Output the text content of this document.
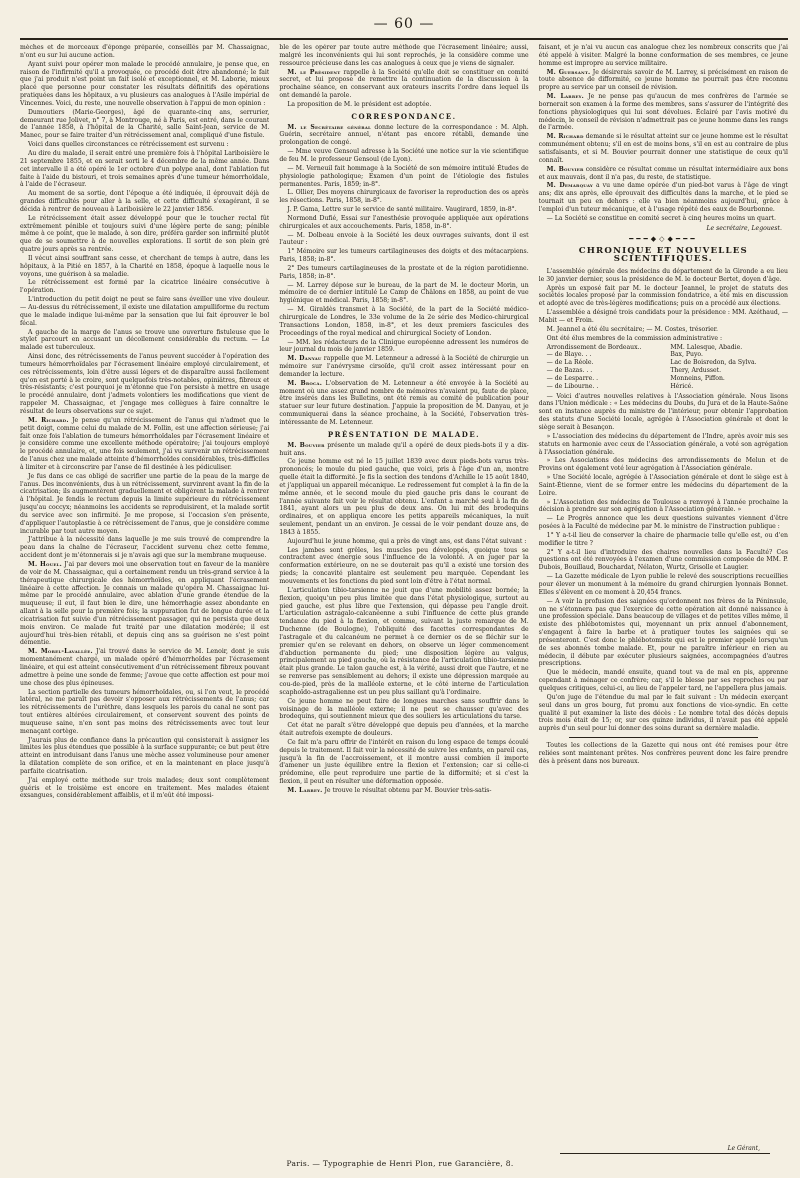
— 60 —

mèches et de morceaux d'éponge préparée, conseillés par M. Chassaignac, n'ont eu sur lui aucune action.

Ayant suivi pour opérer mon malade le procédé annulaire, je pense que, en raison de l'infirmité qu'il a provoquée, ce procédé doit être abandonné; le fait que j'ai produit n'est point un fait isolé et exceptionnel, et M. Laborie, mieux placé que personne pour constater les résultats définitifs des opérations pratiquées dans les hôpitaux, a vu plusieurs cas analogues à l'Asile impérial de Vincennes. Voici, du reste, une nouvelle observation à l'appui de mon opinion :

Dumoutiers (Marie-Georges), âgé de quarante-cinq ans, serrurier, demeurant rue Jolivet, n° 7, à Montrouge, né à Paris, est entré, dans le courant de l'année 1858, à l'hôpital de la Charité, salle Saint-Jean, service de M. Manec, pour se faire traiter d'un rétrécissement anal, compliqué d'une fistule.

Voici dans quelles circonstances ce rétrécissement est survenu :

Au dire du malade, il serait entré une première fois à l'hôpital Lariboisière le 21 septembre 1855, et en serait sorti le 4 décembre de la même année. Dans cet intervalle il a été opéré le 1er octobre d'un polype anal, dont l'ablation fut faite à l'aide du bistouri, et trois semaines après d'une tumeur hémorrhoïdale, à l'aide de l'écraseur.

Au moment de sa sortie, dont l'époque a été indiquée, il éprouvait déjà de grandes difficultés pour aller à la selle, et cette difficulté s'exagérant, il se décida à rentrer de nouveau à Lariboisière le 22 janvier 1856.

Le rétrécissement était assez développé pour que le toucher rectal fût extrêmement pénible et toujours suivi d'une légère perte de sang; pénible même à ce point, que le malade, à son dire, préféra garder son infirmité plutôt que de se soumettre à de nouvelles explorations. Il sortit de son plein gré quatre jours après sa rentrée.

Il vécut ainsi souffrant sans cesse, et cherchant de temps à autre, dans les hôpitaux, à la Pitié en 1857, à la Charité en 1858, époque à laquelle nous le voyons, une guérison à sa maladie.

Le rétrécissement est formé par la cicatrice linéaire consécutive à l'opération.

L'introduction du petit doigt ne peut se faire sans éveiller une vive douleur. — Au-dessus du rétrécissement, il existe une dilatation ampulliforme du rectum que le malade indique lui-même par la sensation que lui fait éprouver le bol fécal.

A gauche de la marge de l'anus se trouve une ouverture fistuleuse que le stylet parcourt en accusant un décollement considérable du rectum. — Le malade est tuberculeux.

Ainsi donc, des rétrécissements de l'anus peuvent succéder à l'opération des tumeurs hémorrhoïdales par l'écrasement linéaire employé circulairement, et ces rétrécissements, loin d'être aussi légers et de disparaître aussi facilement qu'on est porté à le croire, sont quelquefois très-notables, opiniâtres, fibreux et très-résistants; c'est pourquoi je m'étonne que l'on persiste à mettre en usage le procédé annulaire, dont j'admets volontiers les modifications que vient de rappeler M. Chassaignac, et j'engage mes collègues à faire connaître le résultat de leurs observations sur ce sujet.

M. Richard. Je pense qu'un rétrécissement de l'anus qui n'admet que le petit doigt, comme celui du malade de M. Follin, est une affection sérieuse; j'ai fait onze fois l'ablation de tumeurs hémorrhoïdales par l'écrasement linéaire et je considère comme une excellente méthode opératoire; j'ai toujours employé le procédé annulaire, et, une fois seulement, j'ai vu survenir un rétrécissement de l'anus chez une malade atteinte d'hémorrhoïdes considérables, très-difficiles à limiter et à circonscrire par l'anse de fil destinée à les pédiculiser.

Je fus dans ce cas obligé de sacrifier une partie de la peau de la marge de l'anus. Des inconvénients, dus à un rétrécissement, survinrent avant la fin de la cicatrisation; ils augmentèrent graduellement et obligèrent la malade à rentrer à l'hôpital. Je fendis le rectum depuis la limite supérieure du rétrécissement jusqu'au coccyx; néanmoins les accidents se reproduisirent, et la malade sortit du service avec son infirmité. Je me propose, si l'occasion s'en présente, d'appliquer l'autoplastie à ce rétrécissement de l'anus, que je considère comme incurable par tout autre moyen.

J'attribue à la nécessité dans laquelle je me suis trouvé de comprendre la peau dans la chaîne de l'écraseur, l'accident survenu chez cette femme, accident dont je m'étonnerais si je n'avais agi que sur la membrane muqueuse.

M. Houel. J'ai par devers moi une observation tout en faveur de la manière de voir de M. Chassaignac, qui a certainement rendu un très-grand service à la thérapeutique chirurgicale des hémorrhoïdes, en appliquant l'écrasement linéaire à cette affection. Je connais un malade qu'opéra M. Chassaignac lui-même par le procédé annulaire, avec ablation d'une grande étendue de la muqueuse; il eut, il faut bien le dire, une hémorrhagie assez abondante en allant à la selle pour la première fois; la suppuration fut de longue durée et la cicatrisation fut suivie d'un rétrécissement passager, qui ne persista que deux mois environ. Ce malade fut traité par une dilatation modérée; il est aujourd'hui très-bien rétabli, et depuis cinq ans sa guérison ne s'est point démentie.

M. Morel-Lavallée. J'ai trouvé dans le service de M. Lenoir, dont je suis momentanément chargé, un malade opéré d'hémorrhoïdes par l'écrasement linéaire, et qui est atteint consécutivement d'un rétrécissement fibreux pouvant admettre à peine une sonde de femme; j'avoue que cette affection est pour moi une chose des plus épineuses.

La section partielle des tumeurs hémorrhoïdales, ou, si l'on veut, le procédé latéral, ne me paraît pas devoir s'opposer aux rétrécissements de l'anus; car les rétrécissements de l'urèthre, dans lesquels les parois du canal ne sont pas tout entières altérées circulairement, et conservent souvent des points de muqueuse saine, n'en sont pas moins des rétrécissements avec tout leur menaçant cortège.

J'aurais plus de confiance dans la précaution qui consisterait à assigner les limites les plus étendues que possible à la surface suppurante; ce but peut être atteint en introduisant dans l'anus une mèche assez volumineuse pour amener la dilatation complète de son orifice, et en la maintenant en place jusqu'à parfaite cicatrisation.

J'ai employé cette méthode sur trois malades; deux sont complètement guéris et le troisième est encore en traitement. Mes malades étaient exsangues, considérablement affaiblis, et il m'eût été impossi-

ble de les opérer par toute autre méthode que l'écrasement linéaire; aussi, malgré les inconvénients qui lui sont reprochés, je la considère comme une ressource précieuse dans les cas analogues à ceux que je viens de signaler.

M. le Président rappelle à la Société qu'elle doit se constituer en comité secret, et lui propose de remettre la continuation de la discussion à la prochaine séance, en conservant aux orateurs inscrits l'ordre dans lequel ils ont demandé la parole.

La proposition de M. le président est adoptée.

CORRESPONDANCE.

M. le Secrétaire général donne lecture de la correspondance : M. Alph. Guérin, secrétaire annuel, n'étant pas encore rétabli, demande une prolongation de congé.

— Mme veuve Gensoul adresse à la Société une notice sur la vie scientifique de feu M. le professeur Gensoul (de Lyon).

— M. Verneuil fait hommage à la Société de son mémoire intitulé Études de physiologie pathologique; Examen d'un point de l'étiologie des fistules permanentes. Paris, 1859; in-8°.

L. Ollier, Des moyens chirurgicaux de favoriser la reproduction des os après les résections. Paris, 1858, in-8°.

J. P. Gama, Lettre sur le service de santé militaire. Vaugirard, 1859, in-8°.

Normond Dufié, Essai sur l'anesthésie provoquée appliquée aux opérations chirurgicales et aux accouchements. Paris, 1858, in-8°.

— M. Dolbeau envoie à la Société les deux ouvrages suivants, dont il est l'auteur :

1° Mémoire sur les tumeurs cartilagineuses des doigts et des métacarpiens. Paris, 1858; in-8°.

2° Des tumeurs cartilagineuses de la prostate et de la région parotidienne. Paris, 1858; in-8°.

— M. Larrey dépose sur le bureau, de la part de M. le docteur Morin, un mémoire de ce dernier intitulé Le Camp de Châlons en 1858, au point de vue hygiénique et médical. Paris, 1858; in-8°.

— M. Giraldès transmet à la Société, de la part de la Société médico-chirurgicale de Londres, le 33e volume de la 2e série des Medico-chirurgical Transactions London, 1858, in-8°, et les deux premiers fascicules des Proceedings of the royal medical and chirurgical Society of London.

— MM. les rédacteurs de la Clinique européenne adressent les numéros de leur journal du mois de janvier 1859.

M. Danyau rappelle que M. Letenneur a adressé à la Société de chirurgie un mémoire sur l'anévrysme cirsoïde, qu'il croit assez intéressant pour en demander la lecture.

M. Broca. L'observation de M. Letenneur a été envoyée à la Société au moment où une assez grand nombre de mémoires n'avaient pu, faute de place, être insérés dans les Bulletins, ont été remis au comité de publication pour statuer sur leur future destination. J'appuie la proposition de M. Danyau, et je communiquerai dans la séance prochaine, à la Société, l'observation très-intéressante de M. Letenneur.

PRÉSENTATION DE MALADE.

M. Bouvier présente un malade qu'il a opéré de deux pieds-bots il y a dix-huit ans.

Ce jeune homme est né le 15 juillet 1839 avec deux pieds-bots varus très-prononcés; le moule du pied gauche, que voici, pris à l'âge d'un an, montre quelle était la difformité. Je fis la section des tendons d'Achille le 15 août 1840, et j'appliquai un appareil mécanique. Le redressement fut complet à la fin de la même année, et le second moule du pied gauche pris dans le courant de l'année suivante fait voir le résultat obtenu. L'enfant a marché seul à la fin de 1841, ayant alors un peu plus de deux ans. On lui mit des brodequins ordinaires, et on appliqua encore les petits appareils mécaniques, la nuit seulement, pendant un an environ. Je cessai de le voir pendant douze ans, de 1843 à 1855.

Aujourd'hui le jeune homme, qui a près de vingt ans, est dans l'état suivant :

Les jambes sont grêles, les muscles peu développés, quoique tous se contractent avec énergie sous l'influence de la volonté. A en juger par la conformation extérieure, on ne se douterait pas qu'il a existé une torsion des pieds; la concavité plantaire est seulement peu marquée. Cependant les mouvements et les fonctions du pied sont loin d'être à l'état normal.

L'articulation tibio-tarsienne ne jouit que d'une mobilité assez bornée; la flexion, quoiqu'un peu plus limitée que dans l'état physiologique, surtout au pied gauche, est plus libre que l'extension, qui dépasse peu l'angle droit. L'articulation astragalo-calcanéenne a subi l'influence de cette plus grande tendance du pied à la flexion, et comme, suivant la juste remarque de M. Duchenne (de Boulogne), l'obliquité des facettes correspondantes de l'astragale et du calcanéum ne permet à ce dernier os de se fléchir sur le premier qu'en se relevant en dehors, on observe un léger commencement d'abduction permanente du pied; une disposition légère au valgus, principalement au pied gauche, où la résistance de l'articulation tibio-tarsienne était plus grande. Le talon gauche est, à la vérité, aussi droit que l'autre, et ne se renverse pas sensiblement au dehors; il existe une dépression marquée au cou-de-pied, près de la malléole externe, et le côté interne de l'articulation scaphoïdo-astragalienne est un peu plus saillant qu'à l'ordinaire.

Ce jeune homme ne peut faire de longues marches sans souffrir dans le voisinage de la malléole externe; il ne peut se chausser qu'avec des brodequins, qui soutiennent mieux que des souliers les articulations du tarse.

Cet état ne paraît s'être développé que depuis peu d'années, et la marche était autrefois exempte de douleurs.

Ce fait m'a paru offrir de l'intérêt en raison du long espace de temps écoulé depuis le traitement. Il fait voir la nécessité de suivre les enfants, en pareil cas, jusqu'à la fin de l'accroissement, et il montre aussi combien il importe d'amener un juste équilibre entre la flexion et l'extension; car si celle-ci prédomine, elle peut reproduire une partie de la difformité; et si c'est la flexion, il peut en résulter une déformation opposée.

M. Larrey. Je trouve le résultat obtenu par M. Bouvier très-satis-

faisant, et je n'ai vu aucun cas analogue chez les nombreux conscrits que j'ai été appelé à visiter. Malgré la bonne conformation de ses membres, ce jeune homme est impropre au service militaire.

M. Guersant. Je désirerais savoir de M. Larrey, si précisément en raison de toute absence de difformité, ce jeune homme ne pourrait pas être reconnu propre au service par un conseil de révision.

M. Larrey. Je ne pense pas qu'aucun de mes confrères de l'armée se bornerait son examen à la forme des membres, sans s'assurer de l'intégrité des fonctions physiologiques qui lui sont dévolues. Éclairé par l'avis motivé du médecin, le conseil de révision n'admettrait pas ce jeune homme dans les rangs de l'armée.

M. Richard demande si le résultat atteint sur ce jeune homme est le résultat communément obtenu; s'il en est de moins bons, s'il en est au contraire de plus satisfaisants, et si M. Bouvier pourrait donner une statistique de ceux qu'il connaît.

M. Bouvier considère ce résultat comme un résultat intermédiaire aux bons et aux mauvais, dont il n'a pas, du reste, de statistique.

M. Demarquay a vu une dame opérée d'un pied-bot varus à l'âge de vingt ans; dix ans après, elle éprouvait des difficultés dans la marche, et le pied se tournait un peu en dehors : elle va bien néanmoins aujourd'hui, grâce à l'emploi d'un tuteur mécanique, et à l'usage répété des eaux de Bourbonne.

— La Société se constitue en comité secret à cinq heures moins un quart.

Le secrétaire, Legouest.
━━━◆◇◆━━━
CHRONIQUE ET NOUVELLES SCIENTIFIQUES.

L'assemblée générale des médecins du département de la Gironde a eu lieu le 30 janvier dernier, sous la présidence de M. le docteur Bertet, doyen d'âge.

Après un exposé fait par M. le docteur Jeannel, le projet de statuts des sociétés locales proposé par la commission fondatrice, a été mis en discussion et adopté avec de très-légères modifications; puis on a procédé aux élections.

L'assemblée a désigné trois candidats pour la présidence : MM. Azéthaud, — Mabit — et Froin.

M. Jeannel a été élu secrétaire; — M. Costes, trésorier.

Ont été élus membres de la commission administrative :

Arrondissement de Bordeaux..	MM. Lalesque, Abadie.
— de Blaye. . .	Bax, Puyo.
— de La Réole.	Lac de Boisredon, da Sylva.
— de Bazas. . .	Thery, Ardusset.
— de Lesparre. .	Monneins, Piffon.
— de Libourne. .	Héricé.

— Voici d'autres nouvelles relatives à l'Association générale. Nous lisons dans l'Union médicale : « Les médecins du Doubs, du Jura et de la Haute-Saône sont en instance auprès du ministre de l'intérieur, pour obtenir l'approbation des statuts d'une Société locale, agrégée à l'Association générale et dont le siège serait à Besançon.

» L'association des médecins du département de l'Indre, après avoir mis ses statuts en harmonie avec ceux de l'Association générale, a voté son agrégation à l'Association générale.

» Les Associations des médecins des arrondissements de Melun et de Provins ont également voté leur agrégation à l'Association générale.

» Une Société locale, agrégée à l'Association générale et dont le siège est à Saint-Étienne, vient de se former entre les médecins du département de la Loire.

» L'Association des médecins de Toulouse a renvoyé à l'année prochaine la décision à prendre sur son agrégation à l'Association générale. »

— Le Progrès annonce que les deux questions suivantes viennent d'être posées à la Faculté de médecine par M. le ministre de l'instruction publique :

1° Y a-t-il lieu de conserver la chaire de pharmacie telle qu'elle est, ou d'en modifier le titre ?

2° Y a-t-il lieu d'introduire des chaires nouvelles dans la Faculté? Ces questions ont été renvoyées à l'examen d'une commission composée de MM. P. Dubois, Bouillaud, Bouchardat, Nélaton, Wurtz, Grisolle et Laugier.

— La Gazette médicale de Lyon publie le relevé des souscriptions recueillies pour élever un monument à la mémoire du grand chirurgien lyonnais Bonnet. Elles s'élèvent en ce moment à 20,454 francs.

— A voir la profusion des saignées qu'ordonnent nos frères de la Péninsule, on ne s'étonnera pas que l'exercice de cette opération ait donné naissance à une profession spéciale. Dans beaucoup de villages et de petites villes même, il existe des phlébotomistes qui, moyennant un prix annuel d'abonnement, s'engagent à faire la barbe et à pratiquer toutes les saignées qui se présenteront. C'est donc le phlébotomiste qui est le premier appelé lorsqu'un de ses abonnés tombe malade. Et, pour ne paraître inférieur en rien au médecin, il débute par exécuter plusieurs saignées, accompagnées d'autres prescriptions.

Que le médecin, mandé ensuite, quand tout va de mal en pis, apprenne cependant à ménager ce confrère; car, s'il le blesse par ses reproches ou par quelques critiques, celui-ci, au lieu de l'appeler tard, ne l'appellera plus jamais.

Qu'on juge de l'étendue du mal par le fait suivant : Un médecin exerçant seul dans un gros bourg, fut promu aux fonctions de vice-syndic. En cette qualité il put examiner la liste des décès : Le nombre total des décès depuis trois mois était de 15; or, sur ces quinze individus, il n'avait pas été appelé auprès d'un seul pour lui donner des soins durant sa dernière maladie.

Toutes les collections de la Gazette qui nous ont été remises pour être reliées sont maintenant prêtes. Nos confrères peuvent donc les faire prendre dès à présent dans nos bureaux.

Le Gérant,
Paris. — Typographie de Henri Plon, rue Garancière, 8.
